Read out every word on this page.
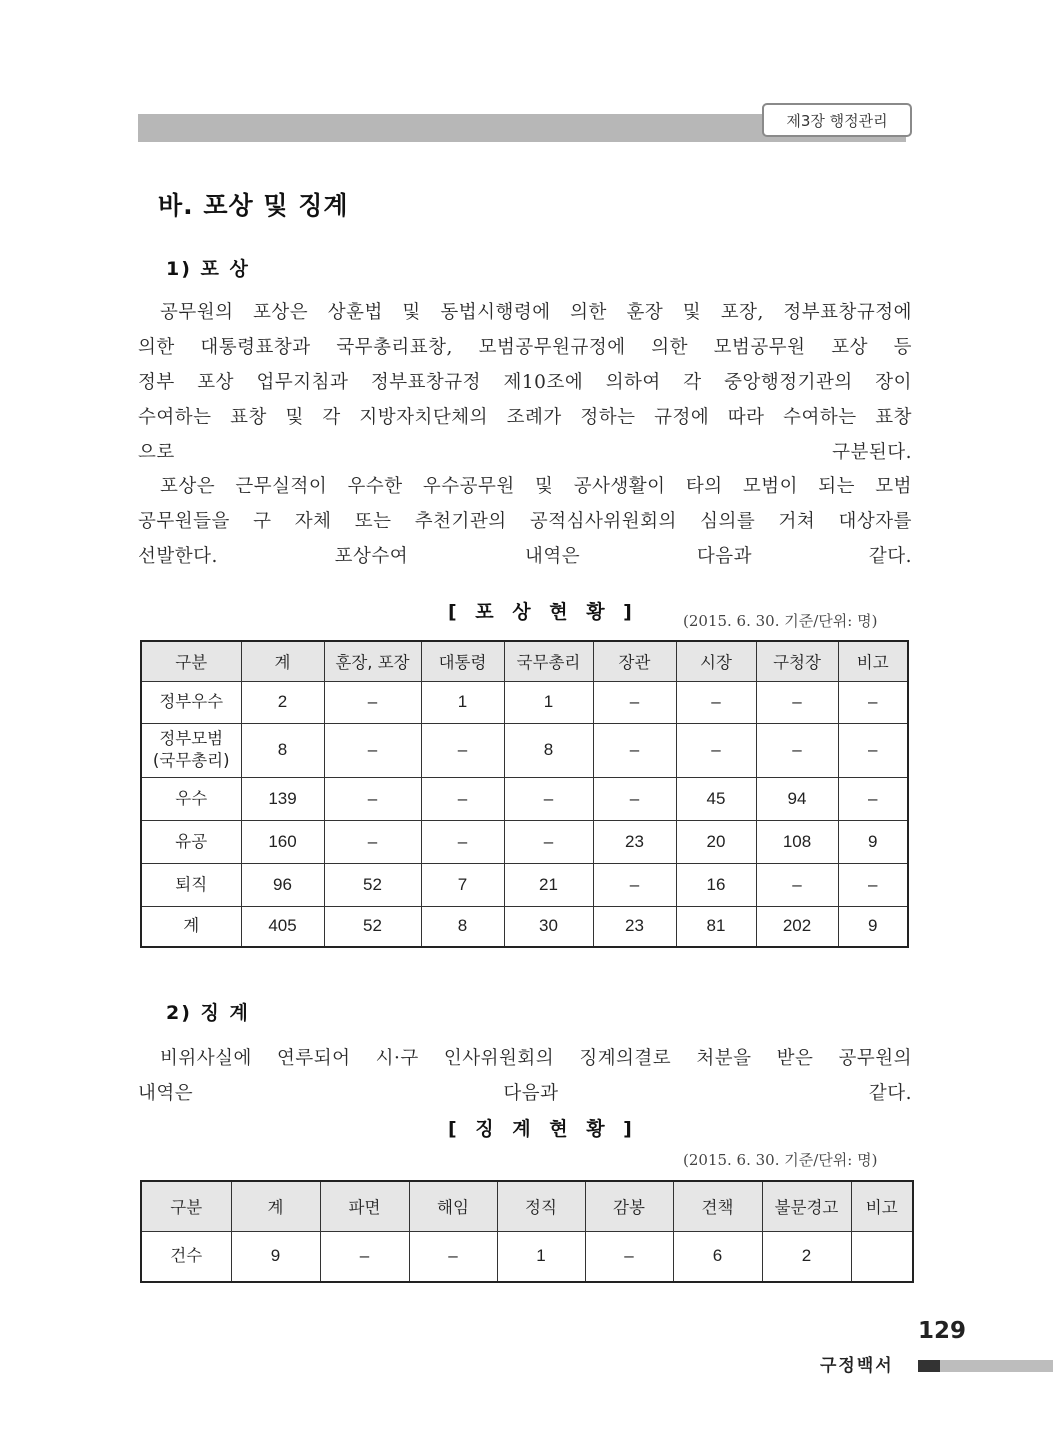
제3장 행정관리
바. 포상 및 징계
1) 포 상
공무원의 포상은 상훈법 및 동법시행령에 의한 훈장 및 포장, 정부표창규정에
의한 대통령표창과 국무총리표창, 모범공무원규정에 의한 모범공무원 포상 등
정부 포상 업무지침과 정부표창규정 제10조에 의하여 각 중앙행정기관의 장이
수여하는 표창 및 각 지방자치단체의 조례가 정하는 규정에 따라 수여하는 표창
으로 구분된다.
포상은 근무실적이 우수한 우수공무원 및 공사생활이 타의 모범이 되는 모범
공무원들을 구 자체 또는 추천기관의 공적심사위원회의 심의를 거쳐 대상자를
선발한다. 포상수여 내역은 다음과 같다.
[ 포 상 현 황 ]	(2015. 6. 30. 기준/단위: 명)
구분	계	훈장, 포장	대통령	국무총리	장관	시장	구청장	비고
정부우수	2	–	1	1	–	–	–	–
정부모범
(국무총리)	8	–	–	8	–	–	–	–
우수	139	–	–	–	–	45	94	–
유공	160	–	–	–	23	20	108	9
퇴직	96	52	7	21	–	16	–	–
계	405	52	8	30	23	81	202	9
2) 징 계
비위사실에 연루되어 시·구 인사위원회의 징계의결로 처분을 받은 공무원의
내역은 다음과 같다.
[ 징 계 현 황 ]
(2015. 6. 30. 기준/단위: 명)
구분	계	파면	해임	정직	감봉	견책	불문경고	비고
건수	9	–	–	1	–	6	2	
129
구정백서
